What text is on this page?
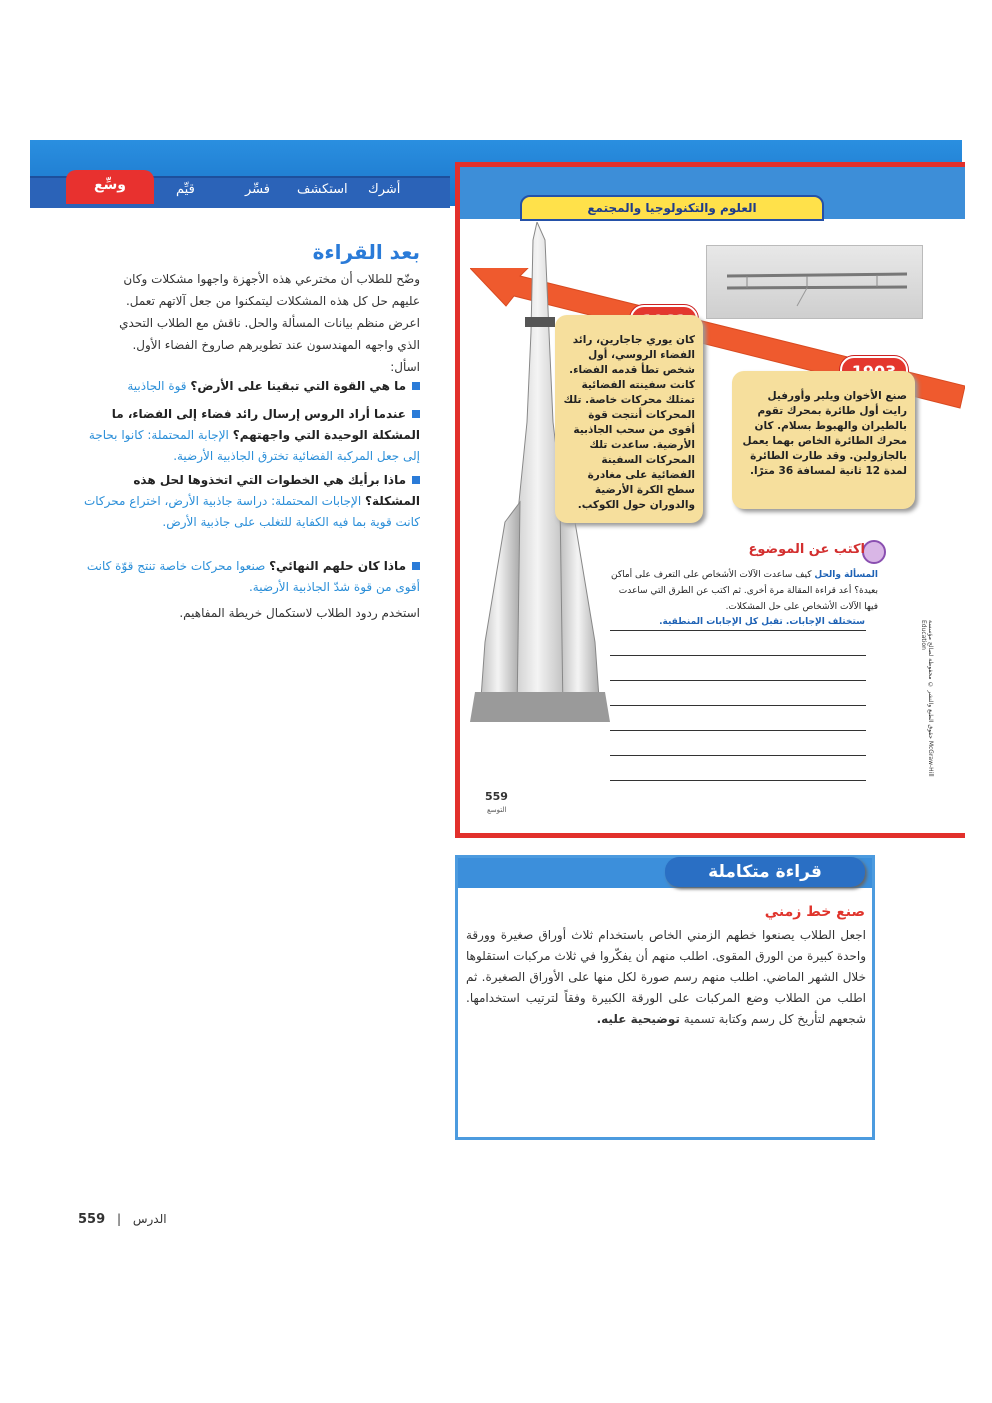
أشرك
استكشف
فسِّر
قيِّم
وسِّع
العلوم والتكنولوجيا والمجتمع
كان يوري جاجارين، رائد الفضاء الروسي، أول شخص تطأ قدمه الفضاء. كانت سفينته الفضائية تمتلك محركات خاصة. تلك المحركات أنتجت قوة أقوى من سحب الجاذبية الأرضية. ساعدت تلك المحركات السفينة الفضائية على مغادرة سطح الكرة الأرضية والدوران حول الكوكب.
صنع الأخوان ويلبر وأورفيل رايت أول طائرة بمحرك تقوم بالطيران والهبوط بسلام. كان محرك الطائرة الخاص بهما يعمل بالجازولين. وقد طارت الطائرة لمدة 12 ثانية لمسافة 36 مترًا.
اكتب عن الموضوع
المسألة والحل كيف ساعدت الآلات الأشخاص على التعرف على أماكن بعيدة؟ أعد قراءة المقالة مرة أخرى. ثم اكتب عن الطرق التي ساعدت فيها الآلات الأشخاص على حل المشكلات.
ستختلف الإجابات. تقبل كل الإجابات المنطقية.
559
التوسع
حقوق الطبع والنشر © محفوظة لصالح مؤسسة McGraw-Hill Education
بعد القراءة
وضّح للطلاب أن مخترعي هذه الأجهزة واجهوا مشكلات وكان عليهم حل كل هذه المشكلات ليتمكنوا من جعل آلاتهم تعمل. اعرض منظم بيانات المسألة والحل. ناقش مع الطلاب التحدي الذي واجهه المهندسون عند تطويرهم صاروخ الفضاء الأول. اسأل:
ما هي القوة التي تبقينا على الأرض؟ قوة الجاذبية
عندما أراد الروس إرسال رائد فضاء إلى الفضاء، ما المشكلة الوحيدة التي واجهتهم؟ الإجابة المحتملة: كانوا بحاجة إلى جعل المركبة الفضائية تخترق الجاذبية الأرضية.
ماذا برأيك هي الخطوات التي اتخذوها لحل هذه المشكلة؟ الإجابات المحتملة: دراسة جاذبية الأرض، اختراع محركات كانت قوية بما فيه الكفاية للتغلب على جاذبية الأرض.
ماذا كان حلهم النهائي؟ صنعوا محركات خاصة تنتج قوّة كانت أقوى من قوة شدّ الجاذبية الأرضية.
استخدم ردود الطلاب لاستكمال خريطة المفاهيم.
قراءة متكاملة
صنع خط زمني
اجعل الطلاب يصنعوا خطهم الزمني الخاص باستخدام ثلاث أوراق صغيرة وورقة واحدة كبيرة من الورق المقوى. اطلب منهم أن يفكّروا في ثلاث مركبات استقلوها خلال الشهر الماضي. اطلب منهم رسم صورة لكل منها على الأوراق الصغيرة. ثم اطلب من الطلاب وضع المركبات على الورقة الكبيرة وفقاً لترتيب استخدامها. شجعهم لتأريخ كل رسم وكتابة تسمية توضيحية عليه.
559 | الدرس
